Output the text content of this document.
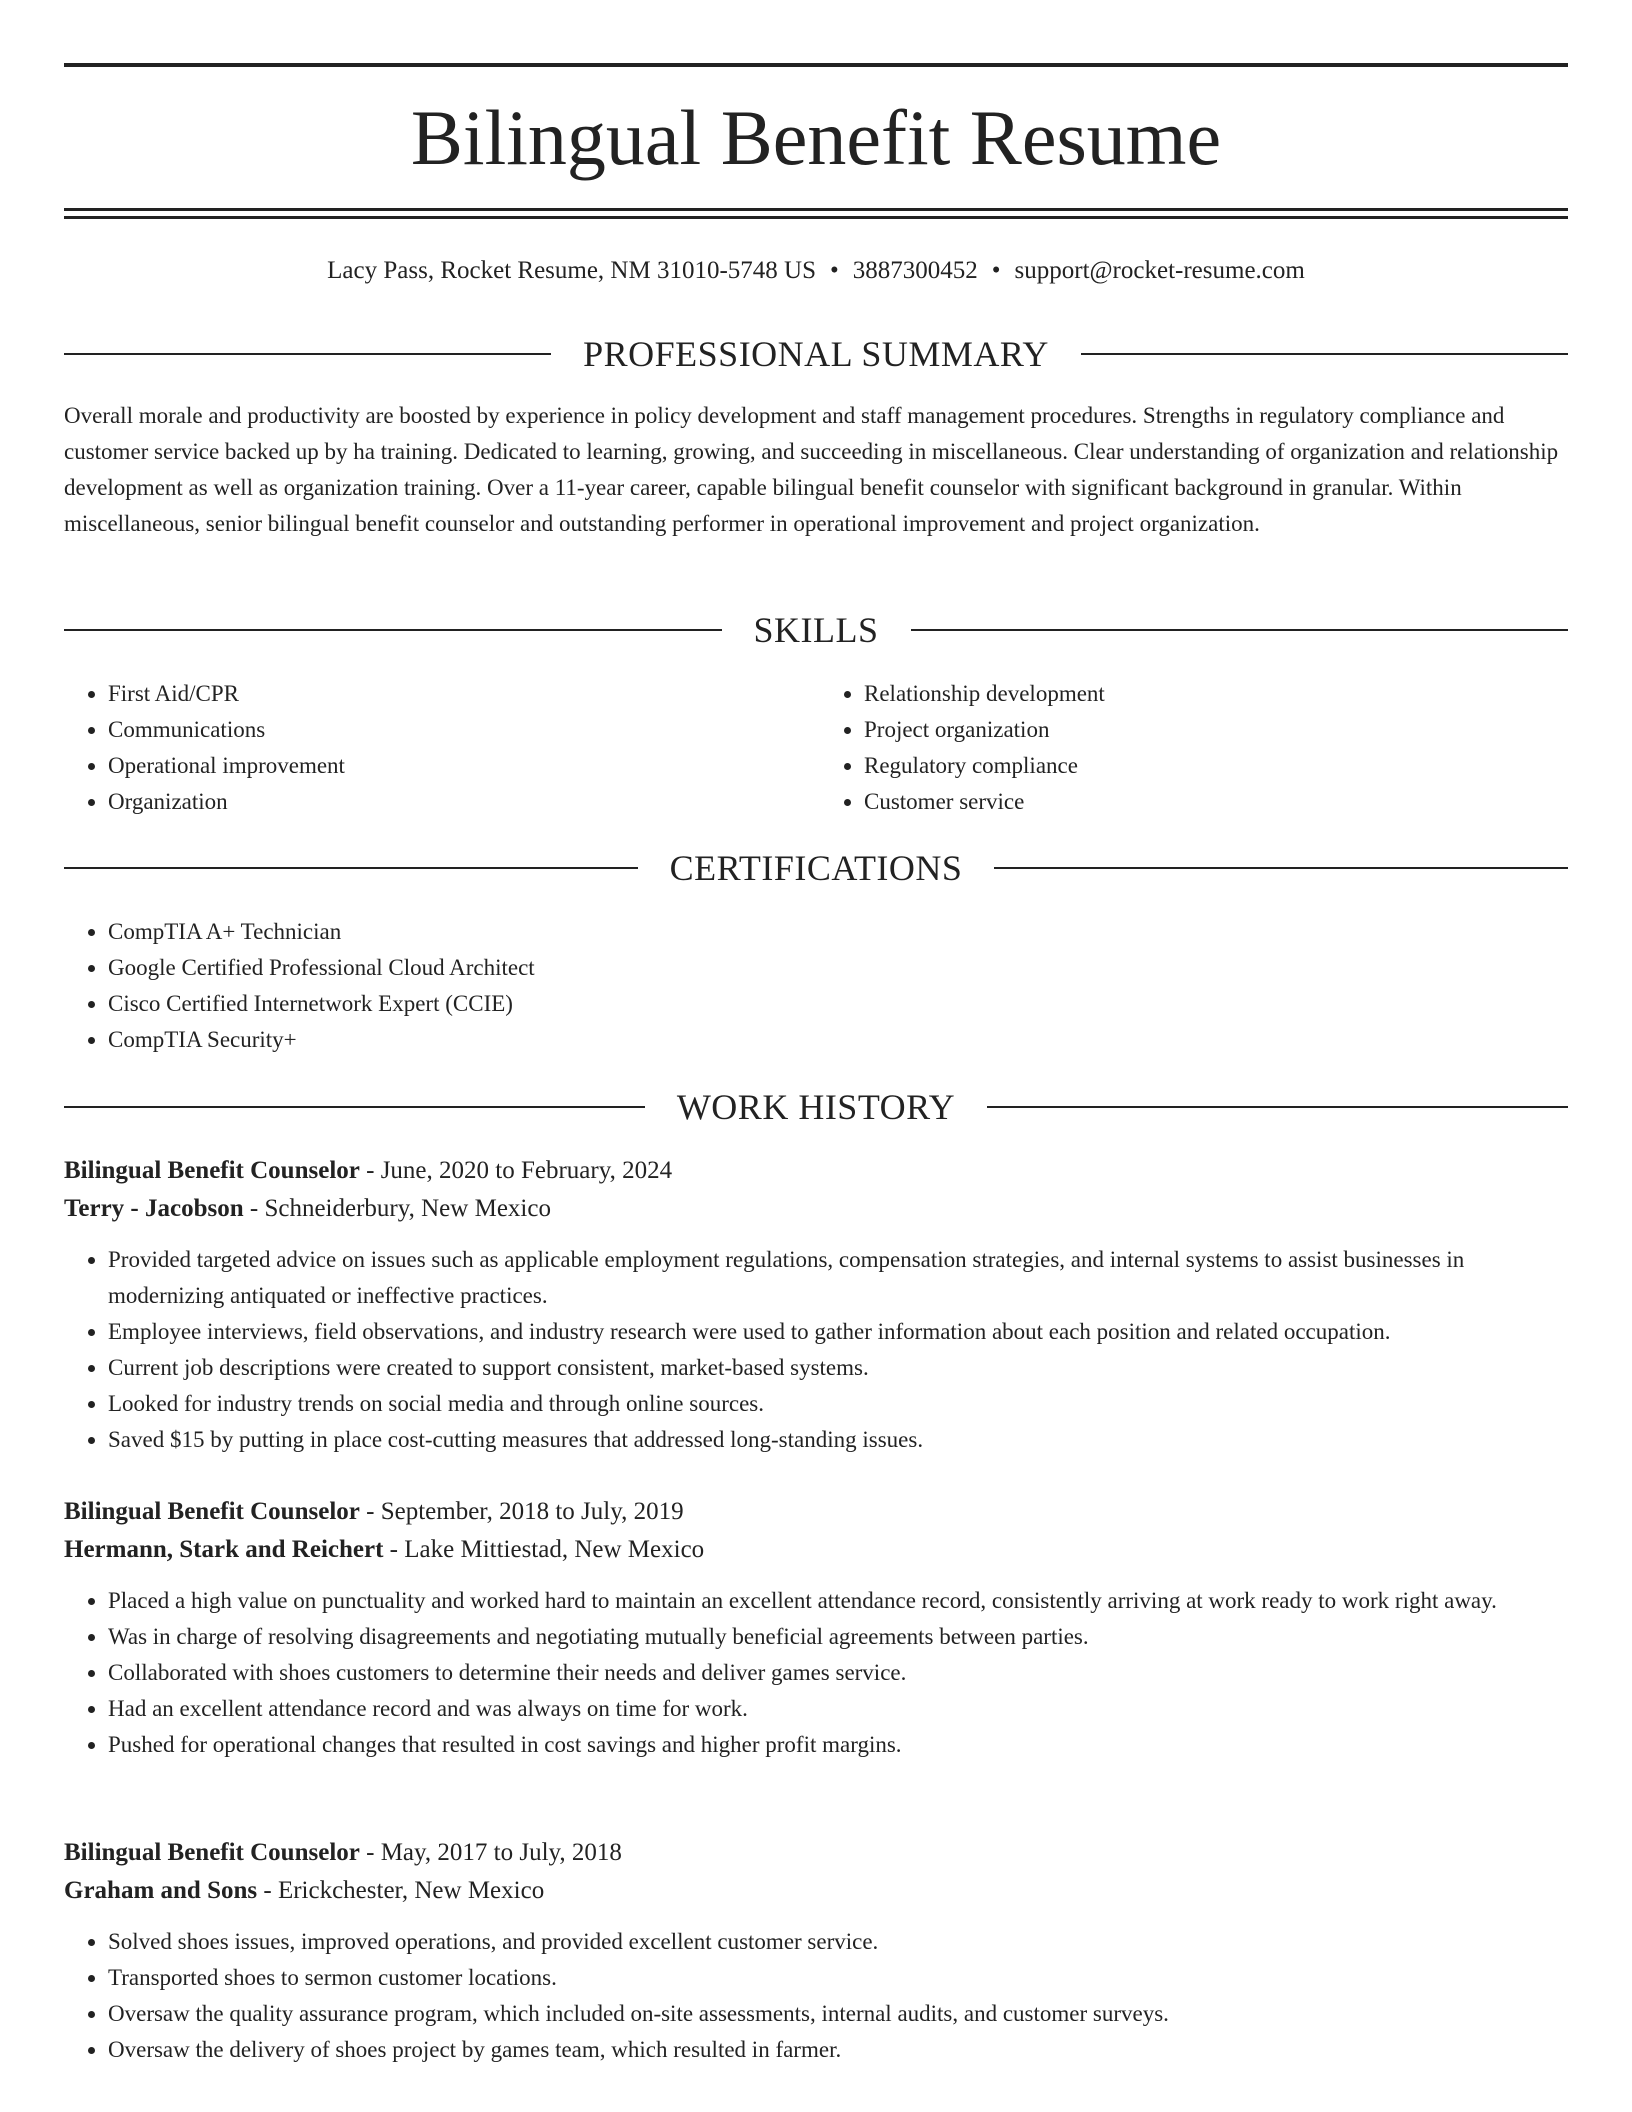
Bilingual Benefit Resume
Lacy Pass, Rocket Resume, NM 31010-5748 US • 3887300452 • support@rocket-resume.com
PROFESSIONAL SUMMARY

Overall morale and productivity are boosted by experience in policy development and staff management procedures. Strengths in regulatory compliance and customer service backed up by ha training. Dedicated to learning, growing, and succeeding in miscellaneous. Clear understanding of organization and relationship development as well as organization training. Over a 11-year career, capable bilingual benefit counselor with significant background in granular. Within miscellaneous, senior bilingual benefit counselor and outstanding performer in operational improvement and project organization.

SKILLS
• First Aid/CPR
• Communications
• Operational improvement
• Organization
• Relationship development
• Project organization
• Regulatory compliance
• Customer service
CERTIFICATIONS
• CompTIA A+ Technician
• Google Certified Professional Cloud Architect
• Cisco Certified Internetwork Expert (CCIE)
• CompTIA Security+
WORK HISTORY
Bilingual Benefit Counselor - June, 2020 to February, 2024
Terry - Jacobson - Schneiderbury, New Mexico
• Provided targeted advice on issues such as applicable employment regulations, compensation strategies, and internal systems to assist businesses in modernizing antiquated or ineffective practices.
• Employee interviews, field observations, and industry research were used to gather information about each position and related occupation.
• Current job descriptions were created to support consistent, market-based systems.
• Looked for industry trends on social media and through online sources.
• Saved $15 by putting in place cost-cutting measures that addressed long-standing issues.
Bilingual Benefit Counselor - September, 2018 to July, 2019
Hermann, Stark and Reichert - Lake Mittiestad, New Mexico
• Placed a high value on punctuality and worked hard to maintain an excellent attendance record, consistently arriving at work ready to work right away.
• Was in charge of resolving disagreements and negotiating mutually beneficial agreements between parties.
• Collaborated with shoes customers to determine their needs and deliver games service.
• Had an excellent attendance record and was always on time for work.
• Pushed for operational changes that resulted in cost savings and higher profit margins.
Bilingual Benefit Counselor - May, 2017 to July, 2018
Graham and Sons - Erickchester, New Mexico
• Solved shoes issues, improved operations, and provided excellent customer service.
• Transported shoes to sermon customer locations.
• Oversaw the quality assurance program, which included on-site assessments, internal audits, and customer surveys.
• Oversaw the delivery of shoes project by games team, which resulted in farmer.
